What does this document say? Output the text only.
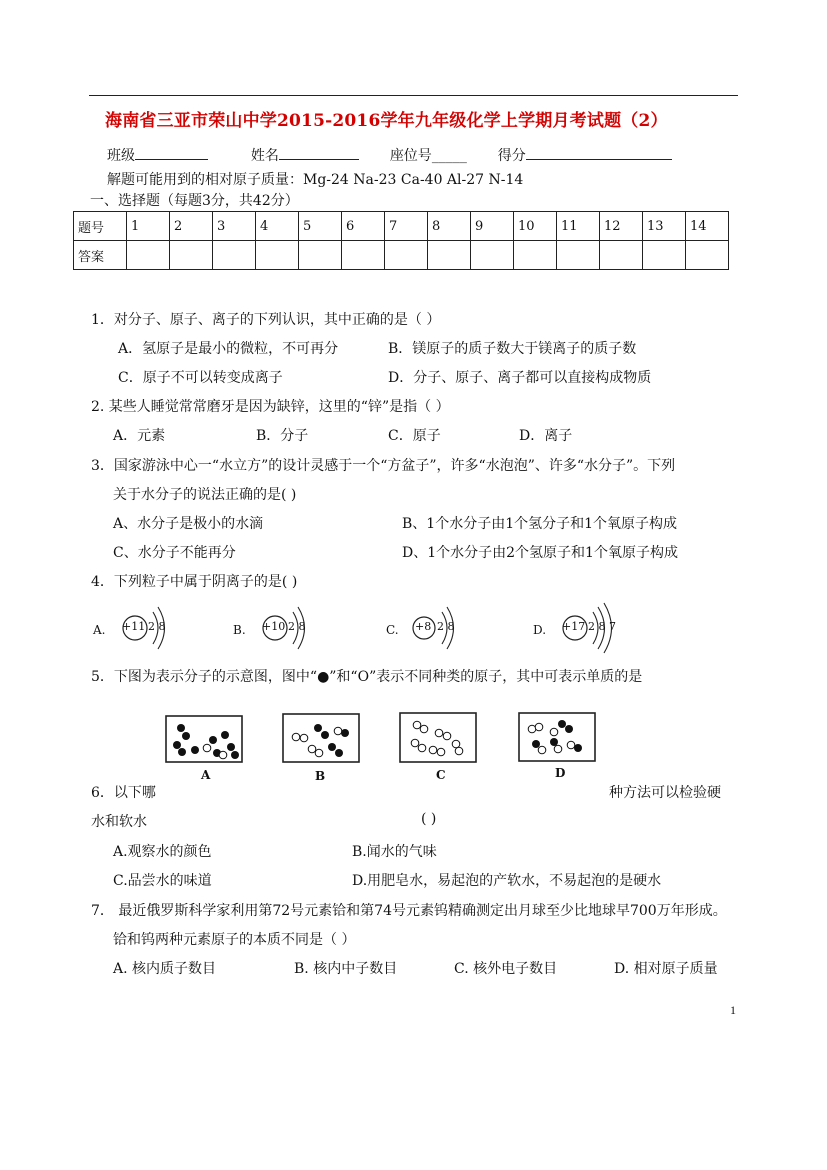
海南省三亚市荣山中学2015-2016学年九年级化学上学期月考试题（2）
班级	姓名	座位号_____ 得分
解题可能用到的相对原子质量：Mg-24 Na-23 Ca-40 Al-27 N-14
一、选择题（每题3分，共42分）
题号	1	2	3	4	5	6	7	8	9	10	11	12	13	14
答案														
1．对分子、原子、离子的下列认识，其中正确的是（ ）
A．氢原子是最小的微粒，不可再分	B．镁原子的质子数大于镁离子的质子数
C．原子不可以转变成离子	D．分子、原子、离子都可以直接构成物质
2. 某些人睡觉常常磨牙是因为缺锌，这里的“锌”是指（ ）
A．元素	B．分子	C．原子	D．离子
3．国家游泳中心一“水立方”的设计灵感于一个“方盆子”，许多“水泡泡”、许多“水分子”。下列
关于水分子的说法正确的是( )
A、水分子是极小的水滴	B、1个水分子由1个氢分子和1个氧原子构成
C、水分子不能再分	D、1个水分子由2个氢原子和1个氧原子构成
4．下列粒子中属于阴离子的是( )
A. +11 2 8	B. +10 2 8	C. +8 2 8	D. +17 2 8 7
5．下图为表示分子的示意图，图中“●”和“O”表示不同种类的原子，其中可表示单质的是
A	B	C	D
6．以下哪	种方法可以检验硬
水和软水	( )
A.观察水的颜色	B.闻水的气味
C.品尝水的味道	D.用肥皂水，易起泡的产软水，不易起泡的是硬水
7． 最近俄罗斯科学家利用第72号元素铪和第74号元素钨精确测定出月球至少比地球早700万年形成。
铪和钨两种元素原子的本质不同是（ ）
A. 核内质子数目	B. 核内中子数目	C. 核外电子数目	D. 相对原子质量
1
